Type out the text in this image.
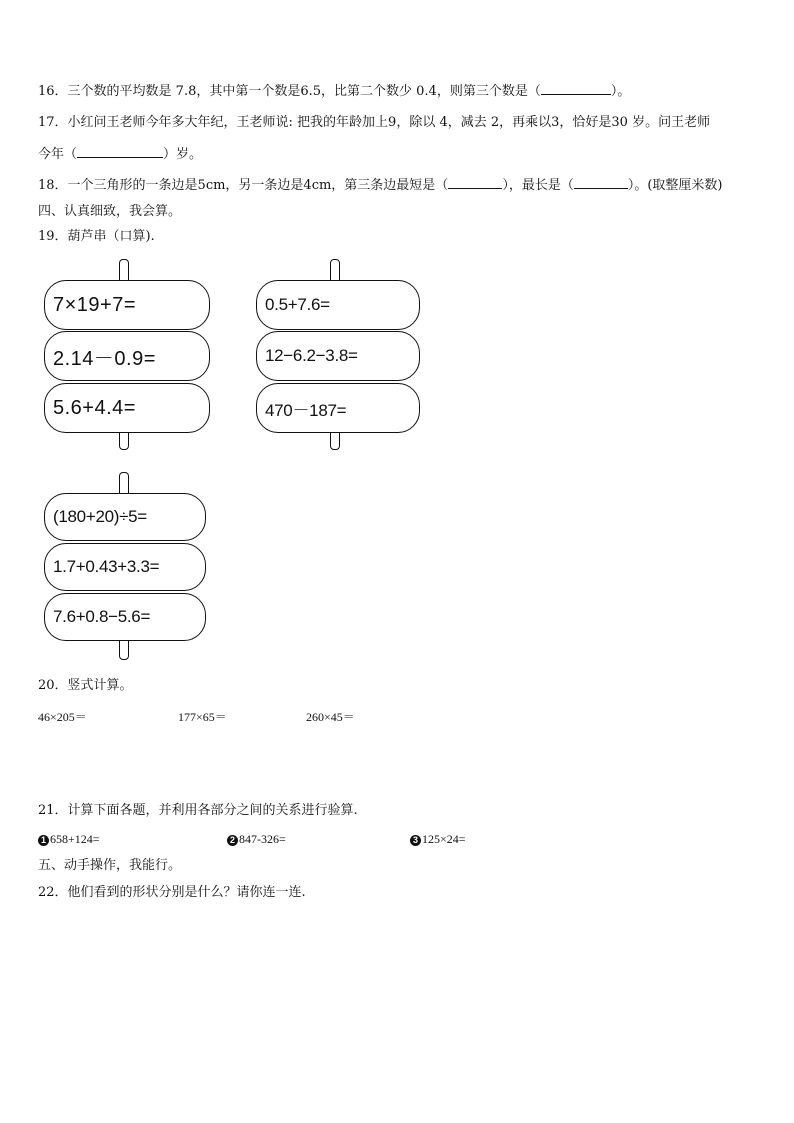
16．三个数的平均数是 7.8，其中第一个数是6.5，比第二个数少 0.4，则第三个数是（	）。
17．小红问王老师今年多大年纪，王老师说: 把我的年龄加上9，除以 4，减去 2，再乘以3，恰好是30 岁。问王老师
今年（	）岁。
18．一个三角形的一条边是5cm，另一条边是4cm，第三条边最短是（	），最长是（	）。(取整厘米数)
四、认真细致，我会算。
19．葫芦串（口算).
7×19+7=
2.14－0.9=
5.6+4.4=
0.5+7.6=
12−6.2−3.8=
470－187=
(180+20)÷5=
1.7+0.43+3.3=
7.6+0.8−5.6=
20．竖式计算。
46×205＝	177×65＝	260×45＝
21．计算下面各题，并利用各部分之间的关系进行验算.
1 658+124=	2 847-326=	3 125×24=
五、动手操作，我能行。
22．他们看到的形状分别是什么？请你连一连.
